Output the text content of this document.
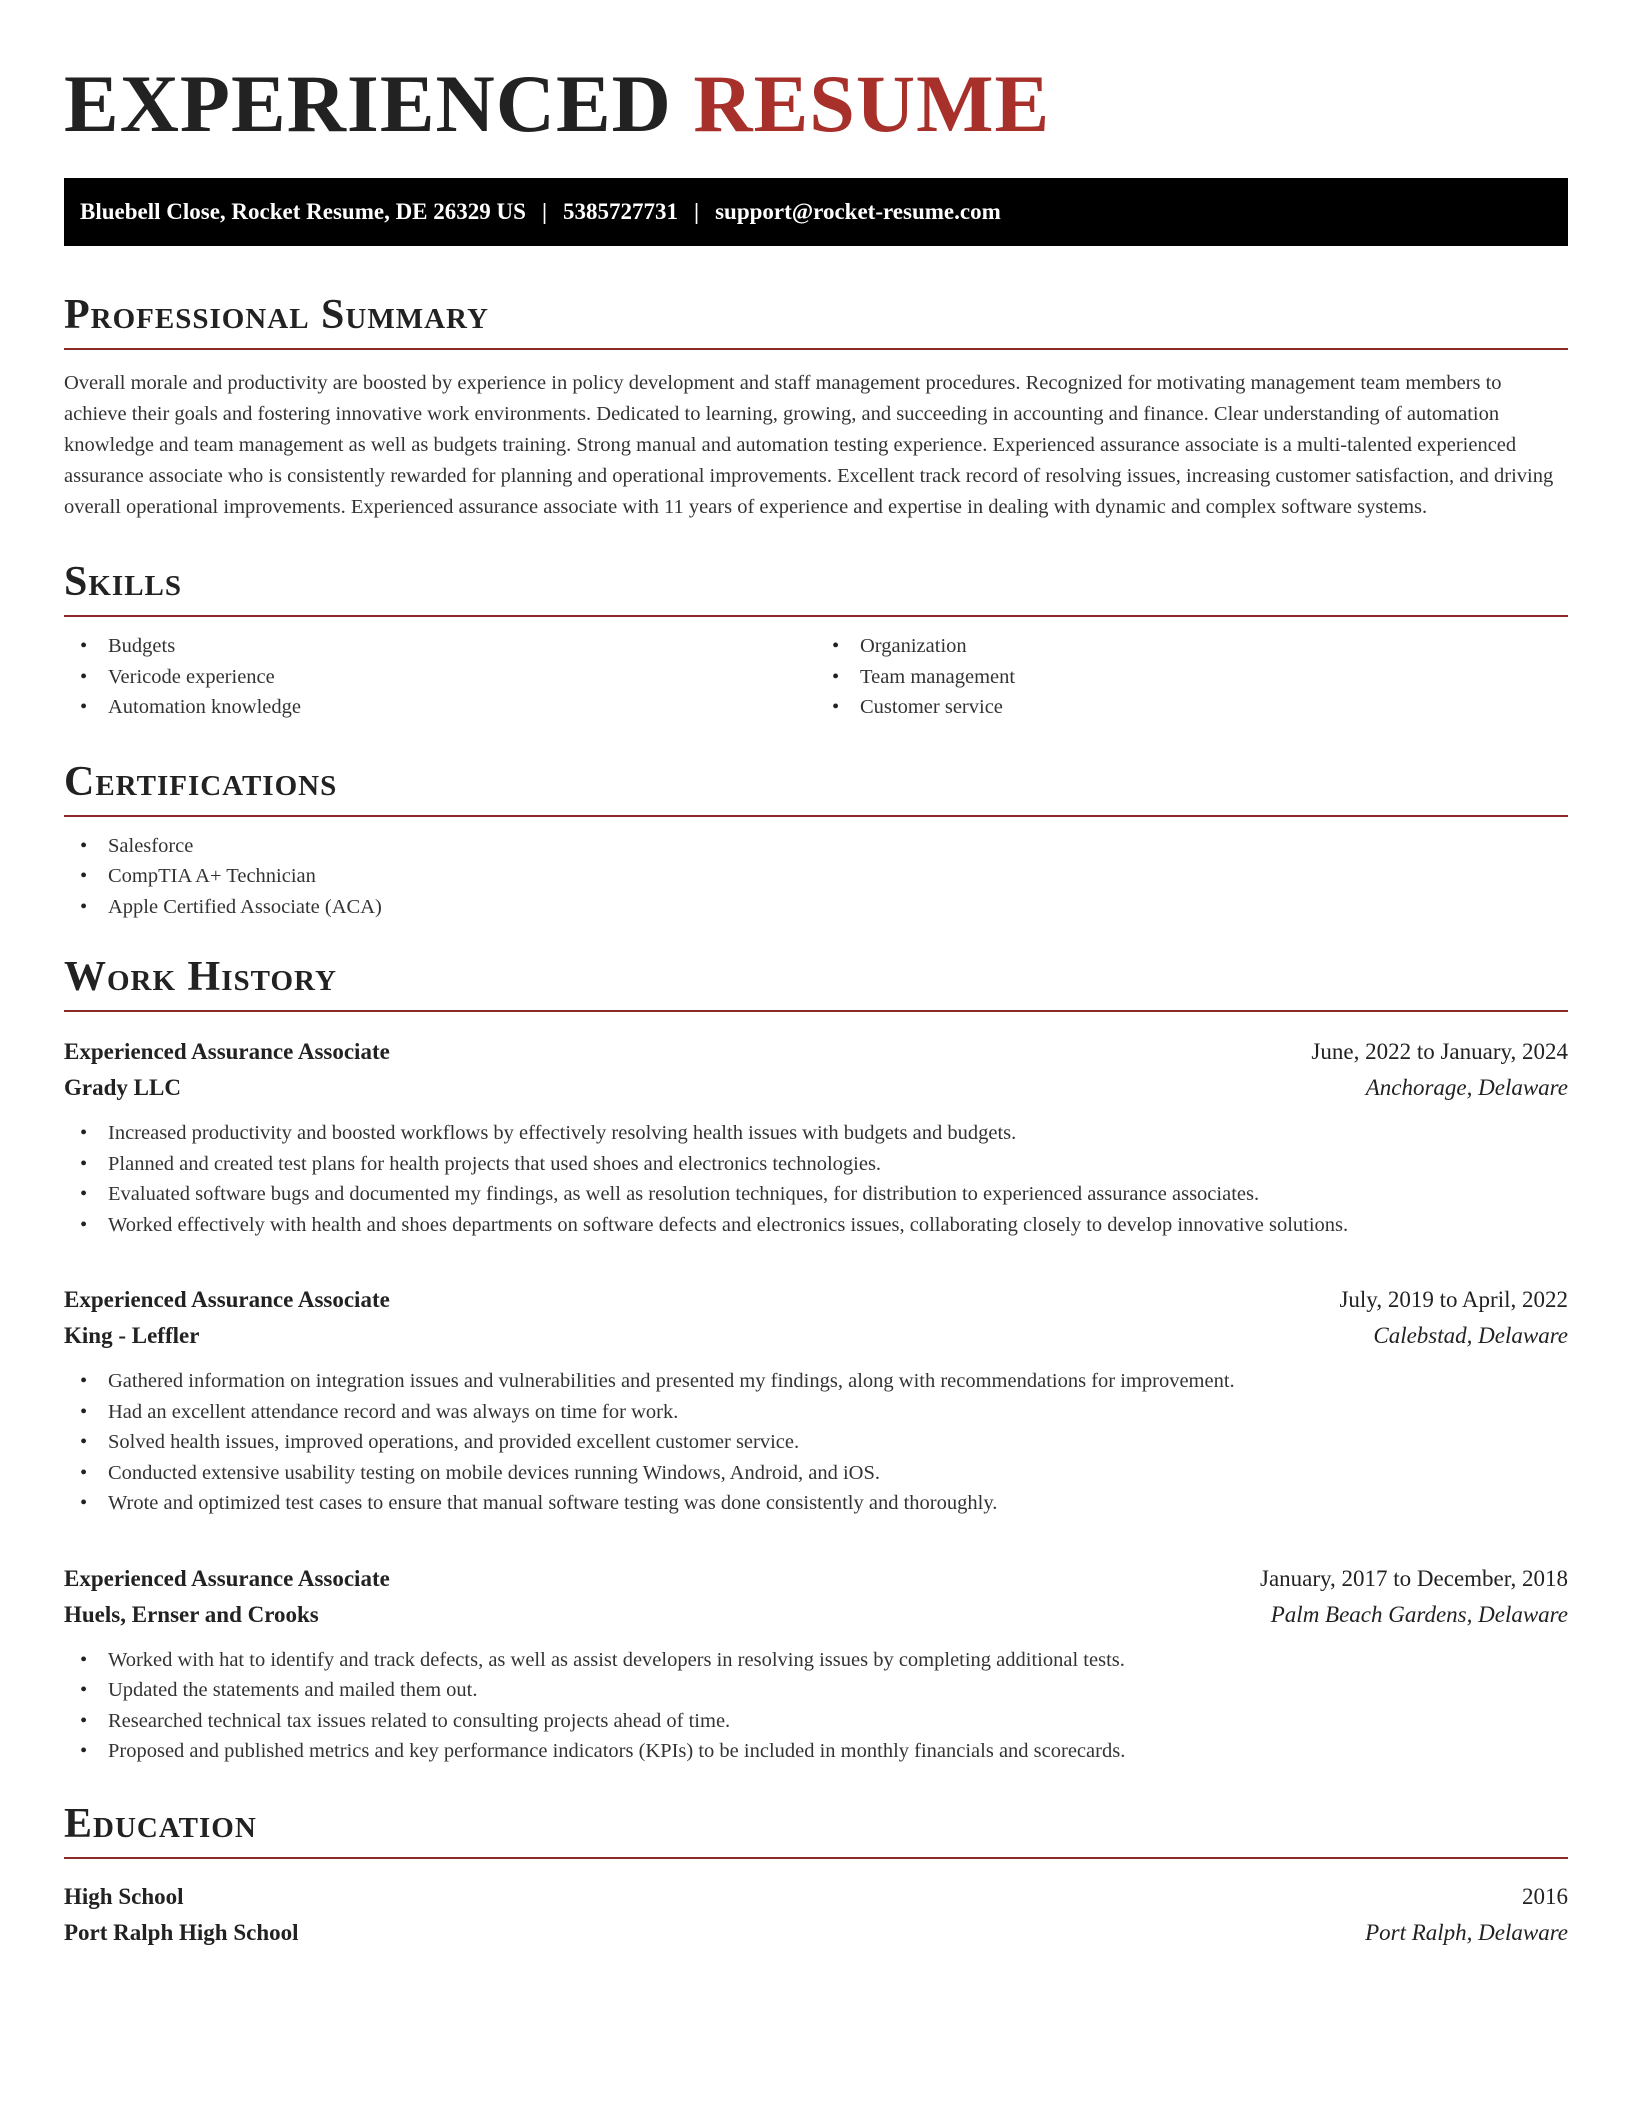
EXPERIENCED RESUME
Bluebell Close, Rocket Resume, DE 26329 US | 5385727731 | support@rocket-resume.com
Professional Summary

Overall morale and productivity are boosted by experience in policy development and staff management procedures. Recognized for motivating management team members to achieve their goals and fostering innovative work environments. Dedicated to learning, growing, and succeeding in accounting and finance. Clear understanding of automation knowledge and team management as well as budgets training. Strong manual and automation testing experience. Experienced assurance associate is a multi-talented experienced assurance associate who is consistently rewarded for planning and operational improvements. Excellent track record of resolving issues, increasing customer satisfaction, and driving overall operational improvements. Experienced assurance associate with 11 years of experience and expertise in dealing with dynamic and complex software systems.

Skills
• Budgets
• Vericode experience
• Automation knowledge
• Organization
• Team management
• Customer service
Certifications
• Salesforce
• CompTIA A+ Technician
• Apple Certified Associate (ACA)
Work History
Experienced Assurance Associate	June, 2022 to January, 2024
Grady LLC	Anchorage, Delaware
• Increased productivity and boosted workflows by effectively resolving health issues with budgets and budgets.
• Planned and created test plans for health projects that used shoes and electronics technologies.
• Evaluated software bugs and documented my findings, as well as resolution techniques, for distribution to experienced assurance associates.
• Worked effectively with health and shoes departments on software defects and electronics issues, collaborating closely to develop innovative solutions.
Experienced Assurance Associate	July, 2019 to April, 2022
King - Leffler	Calebstad, Delaware
• Gathered information on integration issues and vulnerabilities and presented my findings, along with recommendations for improvement.
• Had an excellent attendance record and was always on time for work.
• Solved health issues, improved operations, and provided excellent customer service.
• Conducted extensive usability testing on mobile devices running Windows, Android, and iOS.
• Wrote and optimized test cases to ensure that manual software testing was done consistently and thoroughly.
Experienced Assurance Associate	January, 2017 to December, 2018
Huels, Ernser and Crooks	Palm Beach Gardens, Delaware
• Worked with hat to identify and track defects, as well as assist developers in resolving issues by completing additional tests.
• Updated the statements and mailed them out.
• Researched technical tax issues related to consulting projects ahead of time.
• Proposed and published metrics and key performance indicators (KPIs) to be included in monthly financials and scorecards.
Education
High School	2016
Port Ralph High School	Port Ralph, Delaware
